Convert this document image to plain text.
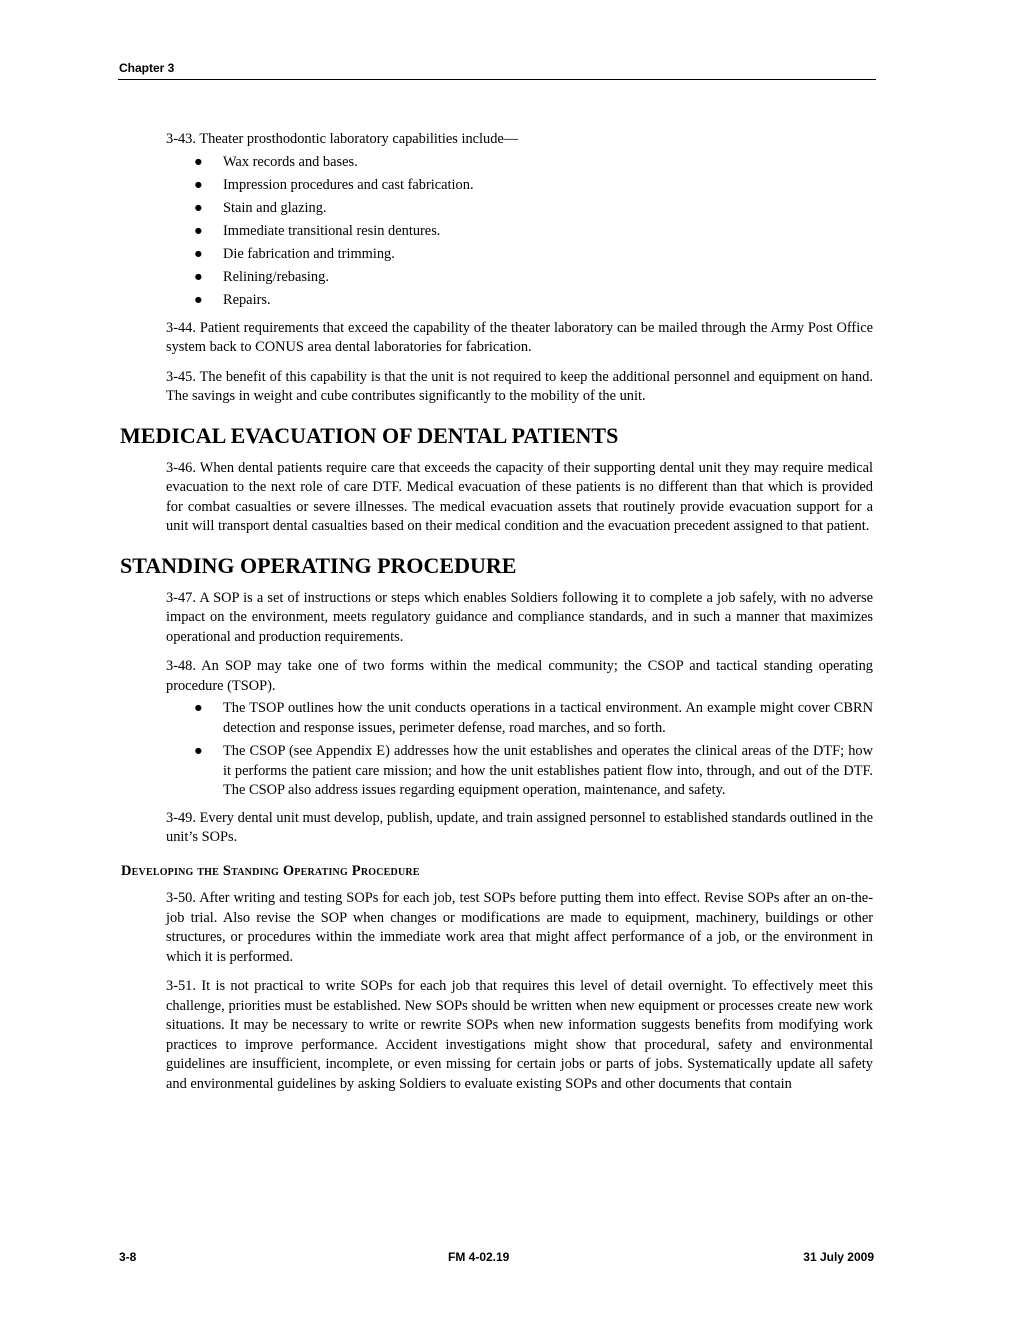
Chapter 3

3-43. Theater prosthodontic laboratory capabilities include—

● Wax records and bases.
● Impression procedures and cast fabrication.
● Stain and glazing.
● Immediate transitional resin dentures.
● Die fabrication and trimming.
● Relining/rebasing.
● Repairs.

3-44. Patient requirements that exceed the capability of the theater laboratory can be mailed through the Army Post Office system back to CONUS area dental laboratories for fabrication.

3-45. The benefit of this capability is that the unit is not required to keep the additional personnel and equipment on hand. The savings in weight and cube contributes significantly to the mobility of the unit.

MEDICAL EVACUATION OF DENTAL PATIENTS

3-46. When dental patients require care that exceeds the capacity of their supporting dental unit they may require medical evacuation to the next role of care DTF. Medical evacuation of these patients is no different than that which is provided for combat casualties or severe illnesses. The medical evacuation assets that routinely provide evacuation support for a unit will transport dental casualties based on their medical condition and the evacuation precedent assigned to that patient.

STANDING OPERATING PROCEDURE

3-47. A SOP is a set of instructions or steps which enables Soldiers following it to complete a job safely, with no adverse impact on the environment, meets regulatory guidance and compliance standards, and in such a manner that maximizes operational and production requirements.

3-48. An SOP may take one of two forms within the medical community; the CSOP and tactical standing operating procedure (TSOP).

● The TSOP outlines how the unit conducts operations in a tactical environment. An example might cover CBRN detection and response issues, perimeter defense, road marches, and so forth.
● The CSOP (see Appendix E) addresses how the unit establishes and operates the clinical areas of the DTF; how it performs the patient care mission; and how the unit establishes patient flow into, through, and out of the DTF. The CSOP also address issues regarding equipment operation, maintenance, and safety.

3-49. Every dental unit must develop, publish, update, and train assigned personnel to established standards outlined in the unit’s SOPs.

Developing the Standing Operating Procedure

3-50. After writing and testing SOPs for each job, test SOPs before putting them into effect. Revise SOPs after an on-the-job trial. Also revise the SOP when changes or modifications are made to equipment, machinery, buildings or other structures, or procedures within the immediate work area that might affect performance of a job, or the environment in which it is performed.

3-51. It is not practical to write SOPs for each job that requires this level of detail overnight. To effectively meet this challenge, priorities must be established. New SOPs should be written when new equipment or processes create new work situations. It may be necessary to write or rewrite SOPs when new information suggests benefits from modifying work practices to improve performance. Accident investigations might show that procedural, safety and environmental guidelines are insufficient, incomplete, or even missing for certain jobs or parts of jobs. Systematically update all safety and environmental guidelines by asking Soldiers to evaluate existing SOPs and other documents that contain

3-8	FM 4-02.19	31 July 2009
